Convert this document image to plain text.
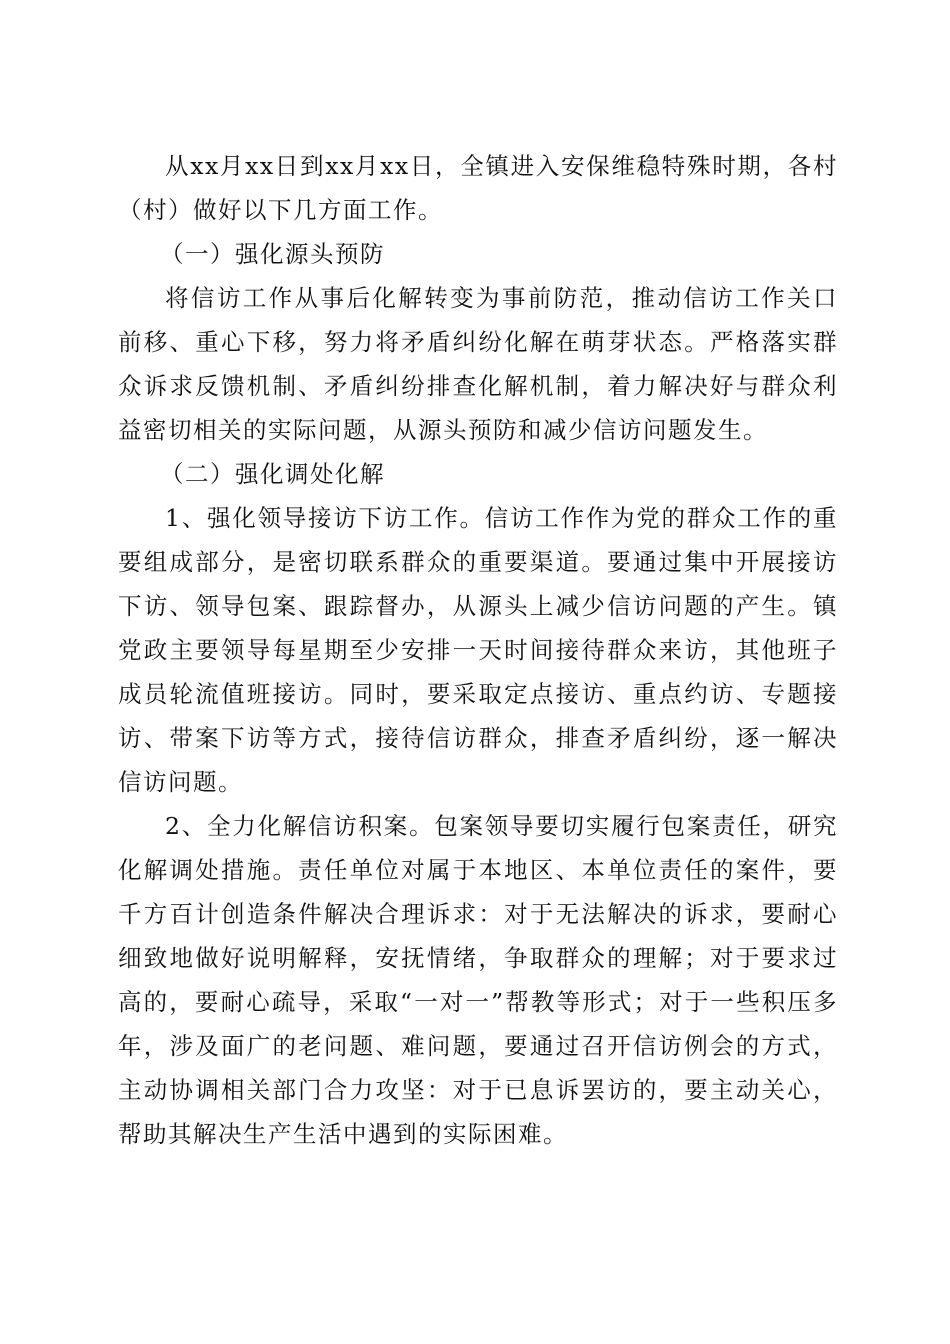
从xx月xx日到xx月xx日，全镇进入安保维稳特殊时期，各村（村）做好以下几方面工作。

（一）强化源头预防

将信访工作从事后化解转变为事前防范，推动信访工作关口前移、重心下移，努力将矛盾纠纷化解在萌芽状态。严格落实群众诉求反馈机制、矛盾纠纷排查化解机制，着力解决好与群众利益密切相关的实际问题，从源头预防和减少信访问题发生。

（二）强化调处化解

1、强化领导接访下访工作。信访工作作为党的群众工作的重要组成部分，是密切联系群众的重要渠道。要通过集中开展接访下访、领导包案、跟踪督办，从源头上减少信访问题的产生。镇党政主要领导每星期至少安排一天时间接待群众来访，其他班子成员轮流值班接访。同时，要采取定点接访、重点约访、专题接访、带案下访等方式，接待信访群众，排查矛盾纠纷，逐一解决信访问题。

2、全力化解信访积案。包案领导要切实履行包案责任，研究化解调处措施。责任单位对属于本地区、本单位责任的案件，要千方百计创造条件解决合理诉求：对于无法解决的诉求，要耐心细致地做好说明解释，安抚情绪，争取群众的理解；对于要求过高的，要耐心疏导，采取“一对一”帮教等形式；对于一些积压多年，涉及面广的老问题、难问题，要通过召开信访例会的方式，主动协调相关部门合力攻坚：对于已息诉罢访的，要主动关心，帮助其解决生产生活中遇到的实际困难。
